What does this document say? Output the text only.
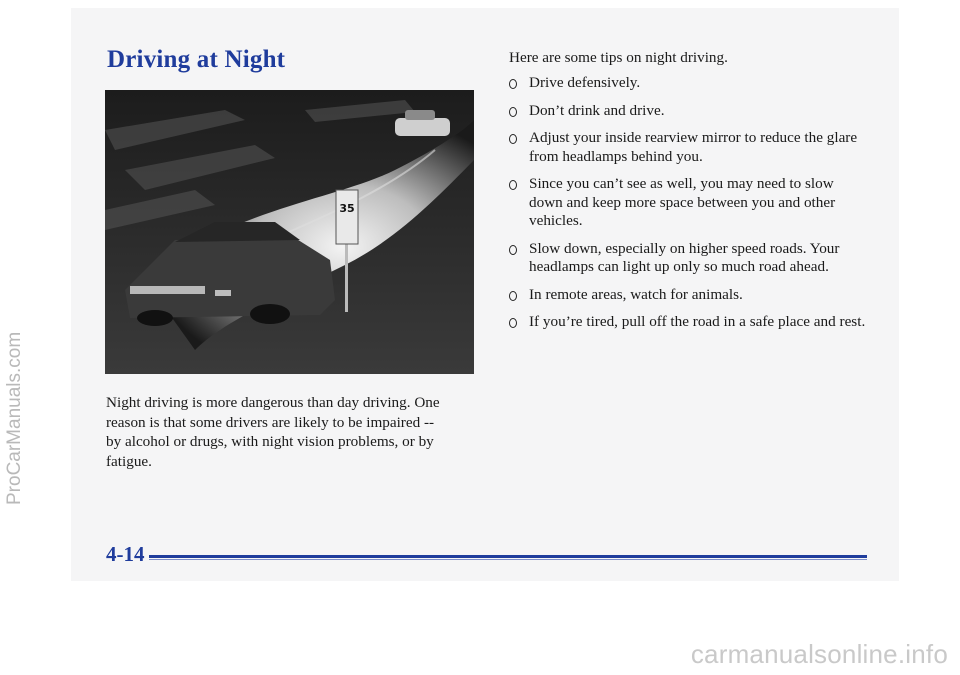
Driving at Night
35

Night driving is more dangerous than day driving. One reason is that some drivers are likely to be impaired -- by alcohol or drugs, with night vision problems, or by fatigue.

Here are some tips on night driving.

Drive defensively.
Don’t drink and drive.
Adjust your inside rearview mirror to reduce the glare from headlamps behind you.
Since you can’t see as well, you may need to slow down and keep more space between you and other vehicles.
Slow down, especially on higher speed roads. Your headlamps can light up only so much road ahead.
In remote areas, watch for animals.
If you’re tired, pull off the road in a safe place and rest.

4-14

ProCarManuals.com

carmanualsonline.info
